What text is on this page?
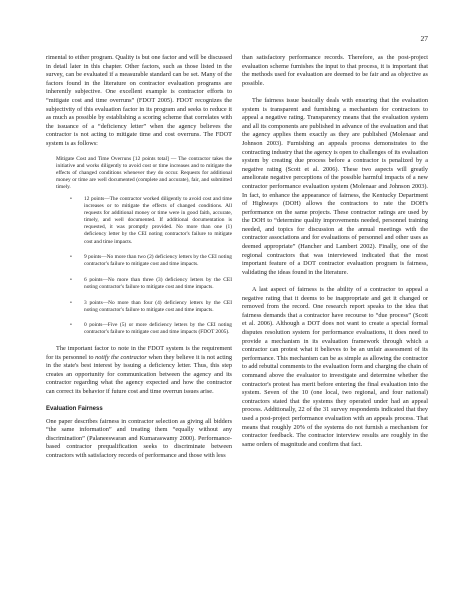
27

rimental to either program. Quality is but one factor and will be discussed in detail later in this chapter. Other factors, such as those listed in the survey, can be evaluated if a measurable standard can be set. Many of the factors found in the literature on contractor evaluation programs are inherently subjective. One excellent example is contractor efforts to “mitigate cost and time overruns” (FDOT 2005). FDOT recognizes the subjectivity of this evaluation factor in its program and seeks to reduce it as much as possible by establishing a scoring scheme that correlates with the issuance of a “deficiency letter” when the agency believes the contractor is not acting to mitigate time and cost overruns. The FDOT system is as follows:

Mitigate Cost and Time Overruns [12 points total] — The contractor takes the initiative and works diligently to avoid cost or time increases and to mitigate the effects of changed conditions whenever they do occur. Requests for additional money or time are well documented (complete and accurate), fair, and submitted timely.

• 12 points—The contractor worked diligently to avoid cost and time increases or to mitigate the effects of changed conditions. All requests for additional money or time were in good faith, accurate, timely, and well documented. If additional documentation is requested, it was promptly provided. No more than one (1) deficiency letter by the CEI noting contractor's failure to mitigate cost and time impacts.
• 9 points—No more than two (2) deficiency letters by the CEI noting contractor's failure to mitigate cost and time impacts.
• 6 points—No more than three (3) deficiency letters by the CEI noting contractor's failure to mitigate cost and time impacts.
• 3 points—No more than four (4) deficiency letters by the CEI noting contractor's failure to mitigate cost and time impacts.
• 0 points—Five (5) or more deficiency letters by the CEI noting contractor's failure to mitigate cost and time impacts (FDOT 2005).

The important factor to note in the FDOT system is the requirement for its personnel to notify the contractor when they believe it is not acting in the state's best interest by issuing a deficiency letter. Thus, this step creates an opportunity for communication between the agency and its contractor regarding what the agency expected and how the contractor can correct its behavior if future cost and time overrun issues arise.

Evaluation Fairness

One paper describes fairness in contractor selection as giving all bidders “the same information” and treating them “equally without any discrimination” (Palaneeswaran and Kumaraswamy 2000). Performance-based contractor prequalification seeks to discriminate between contractors with satisfactory records of performance and those with less

than satisfactory performance records. Therefore, as the post-project evaluation scheme furnishes the input to that process, it is important that the methods used for evaluation are deemed to be fair and as objective as possible.

The fairness issue basically deals with ensuring that the evaluation system is transparent and furnishing a mechanism for contractors to appeal a negative rating. Transparency means that the evaluation system and all its components are published in advance of the evaluation and that the agency applies them exactly as they are published (Molenaar and Johnson 2003). Furnishing an appeals process demonstrates to the contracting industry that the agency is open to challenges of its evaluation system by creating due process before a contractor is penalized by a negative rating (Scott et al. 2006). These two aspects will greatly ameliorate negative perceptions of the possible harmful impacts of a new contractor performance evaluation system (Molenaar and Johnson 2003). In fact, to enhance the appearance of fairness, the Kentucky Department of Highways (DOH) allows the contractors to rate the DOH's performance on the same projects. These contractor ratings are used by the DOH to “determine quality improvements needed, personnel training needed, and topics for discussion at the annual meetings with the contractor associations and for evaluations of personnel and other uses as deemed appropriate” (Hancher and Lambert 2002). Finally, one of the regional contractors that was interviewed indicated that the most important feature of a DOT contractor evaluation program is fairness, validating the ideas found in the literature.

A last aspect of fairness is the ability of a contractor to appeal a negative rating that it deems to be inappropriate and get it changed or removed from the record. One research report speaks to the idea that fairness demands that a contractor have recourse to “due process” (Scott et al. 2006). Although a DOT does not want to create a special formal disputes resolution system for performance evaluations, it does need to provide a mechanism in its evaluation framework through which a contractor can protest what it believes to be an unfair assessment of its performance. This mechanism can be as simple as allowing the contractor to add rebuttal comments to the evaluation form and charging the chain of command above the evaluator to investigate and determine whether the contractor's protest has merit before entering the final evaluation into the system. Seven of the 10 (one local, two regional, and four national) contractors stated that the systems they operated under had an appeal process. Additionally, 22 of the 31 survey respondents indicated that they used a post-project performance evaluation with an appeals process. That means that roughly 20% of the systems do not furnish a mechanism for contractor feedback. The contractor interview results are roughly in the same orders of magnitude and confirm that fact.
